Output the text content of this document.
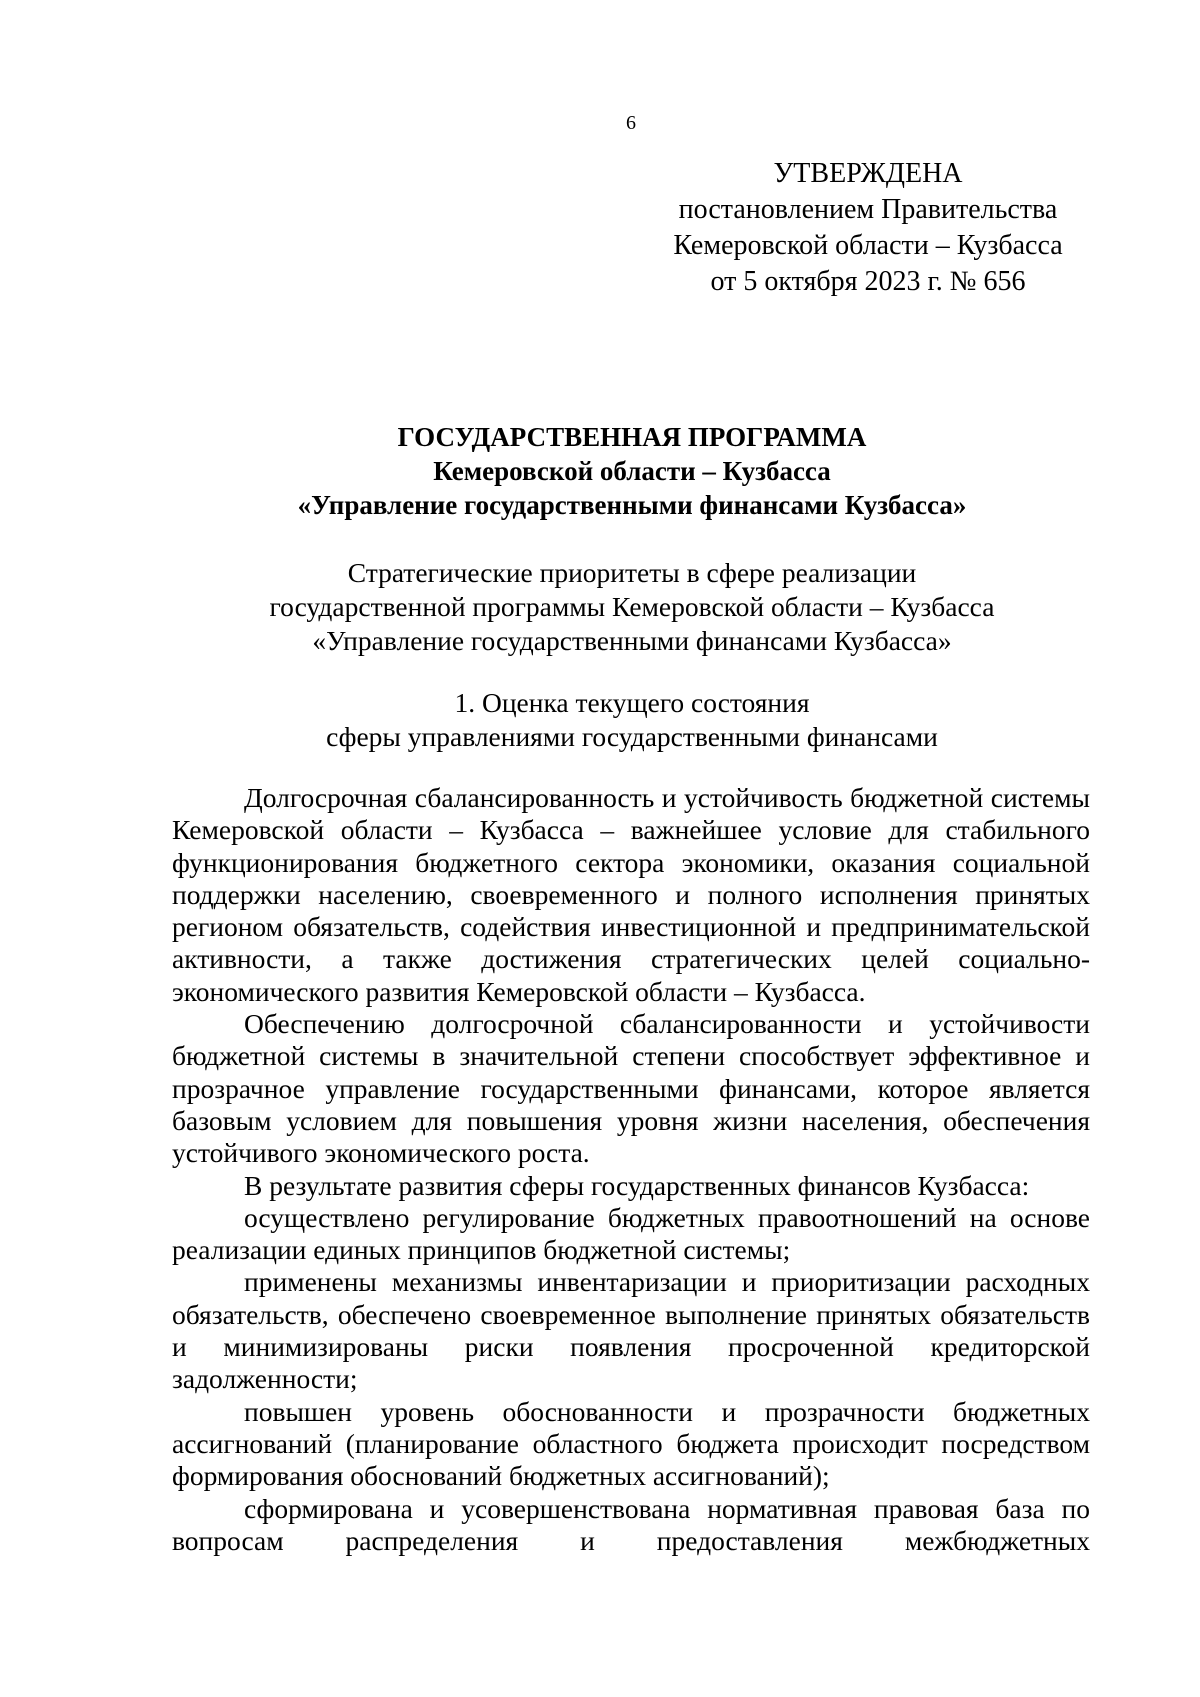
6
УТВЕРЖДЕНА
постановлением Правительства
Кемеровской области – Кузбасса
от 5 октября 2023 г. № 656
ГОСУДАРСТВЕННАЯ ПРОГРАММА
Кемеровской области – Кузбасса
«Управление государственными финансами Кузбасса»
Стратегические приоритеты в сфере реализации
государственной программы Кемеровской области – Кузбасса
«Управление государственными финансами Кузбасса»
1. Оценка текущего состояния
сферы управлениями государственными финансами

Долгосрочная сбалансированность и устойчивость бюджетной системы Кемеровской области – Кузбасса – важнейшее условие для стабильного функционирования бюджетного сектора экономики, оказания социальной поддержки населению, своевременного и полного исполнения принятых регионом обязательств, содействия инвестиционной и предпринимательской активности, а также достижения стратегических целей социально-экономического развития Кемеровской области – Кузбасса.

Обеспечению долгосрочной сбалансированности и устойчивости бюджетной системы в значительной степени способствует эффективное и прозрачное управление государственными финансами, которое является базовым условием для повышения уровня жизни населения, обеспечения устойчивого экономического роста.

В результате развития сферы государственных финансов Кузбасса:

осуществлено регулирование бюджетных правоотношений на основе реализации единых принципов бюджетной системы;

применены механизмы инвентаризации и приоритизации расходных обязательств, обеспечено своевременное выполнение принятых обязательств и минимизированы риски появления просроченной кредиторской задолженности;

повышен уровень обоснованности и прозрачности бюджетных ассигнований (планирование областного бюджета происходит посредством формирования обоснований бюджетных ассигнований);

сформирована и усовершенствована нормативная правовая база по вопросам распределения и предоставления межбюджетных
